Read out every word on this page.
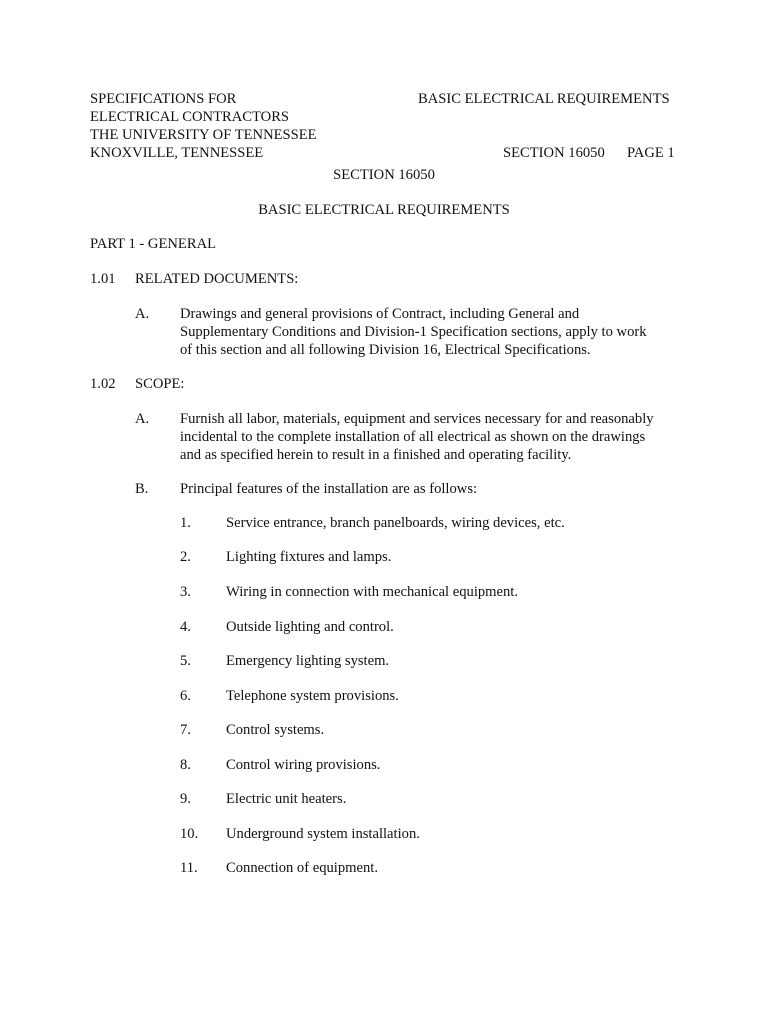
SPECIFICATIONS FOR
ELECTRICAL CONTRACTORS
THE UNIVERSITY OF TENNESSEE
KNOXVILLE, TENNESSEE
BASIC ELECTRICAL REQUIREMENTS
SECTION 16050 PAGE 1
SECTION 16050
BASIC ELECTRICAL REQUIREMENTS
PART 1 - GENERAL
1.01 RELATED DOCUMENTS:
A. Drawings and general provisions of Contract, including General and
Supplementary Conditions and Division-1 Specification sections, apply to work
of this section and all following Division 16, Electrical Specifications.
1.02 SCOPE:
A. Furnish all labor, materials, equipment and services necessary for and reasonably
incidental to the complete installation of all electrical as shown on the drawings
and as specified herein to result in a finished and operating facility.
B. Principal features of the installation are as follows:
1. Service entrance, branch panelboards, wiring devices, etc.
2. Lighting fixtures and lamps.
3. Wiring in connection with mechanical equipment.
4. Outside lighting and control.
5. Emergency lighting system.
6. Telephone system provisions.
7. Control systems.
8. Control wiring provisions.
9. Electric unit heaters.
10. Underground system installation.
11. Connection of equipment.
